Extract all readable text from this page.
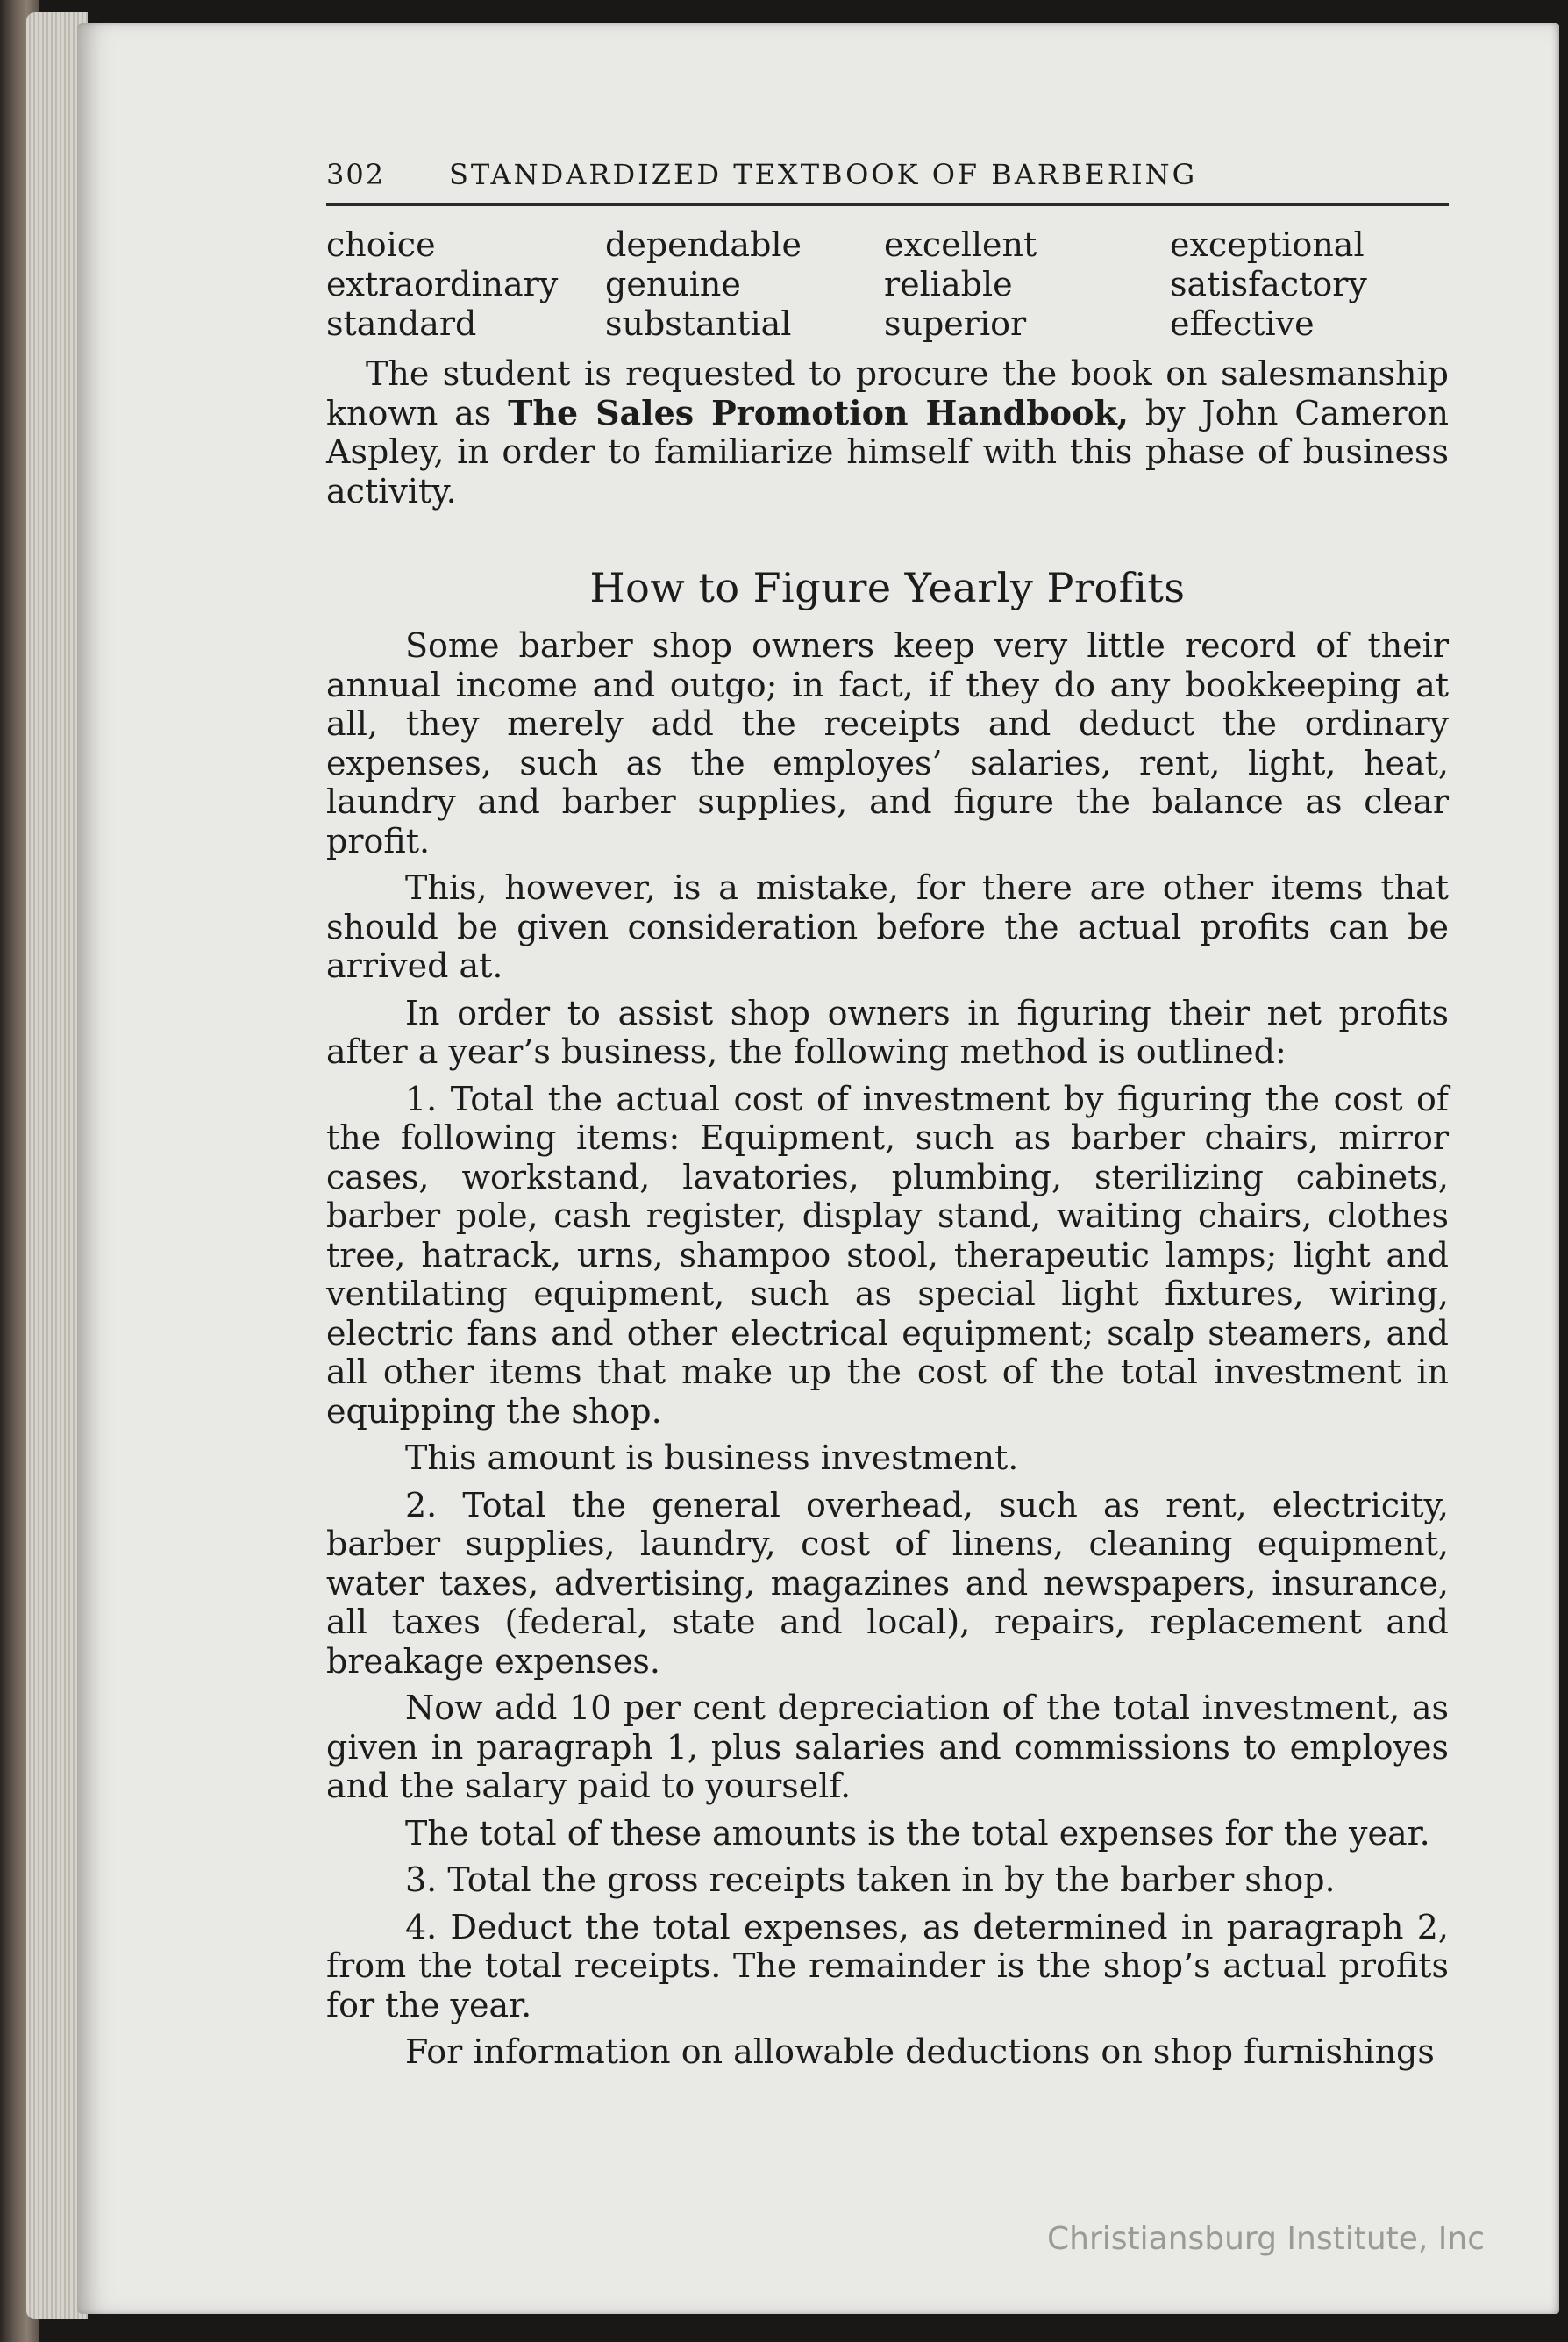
302	STANDARDIZED TEXTBOOK OF BARBERING
choice	dependable	excellent	exceptional
extraordinary	genuine	reliable	satisfactory
standard	substantial	superior	effective

The student is requested to procure the book on salesmanship known as The Sales Promotion Handbook, by John Cameron Aspley, in order to familiarize himself with this phase of business activity.

How to Figure Yearly Profits

Some barber shop owners keep very little record of their annual income and outgo; in fact, if they do any bookkeeping at all, they merely add the receipts and deduct the ordinary expenses, such as the employes’ salaries, rent, light, heat, laundry and barber supplies, and figure the balance as clear profit.

This, however, is a mistake, for there are other items that should be given consideration before the actual profits can be arrived at.

In order to assist shop owners in figuring their net profits after a year’s business, the following method is outlined:

1. Total the actual cost of investment by figuring the cost of the following items: Equipment, such as barber chairs, mirror cases, workstand, lavatories, plumbing, sterilizing cabinets, barber pole, cash register, display stand, waiting chairs, clothes tree, hatrack, urns, shampoo stool, therapeutic lamps; light and ventilating equipment, such as special light fixtures, wiring, electric fans and other electrical equipment; scalp steamers, and all other items that make up the cost of the total investment in equipping the shop.

This amount is business investment.

2. Total the general overhead, such as rent, electricity, barber supplies, laundry, cost of linens, cleaning equipment, water taxes, advertising, magazines and newspapers, insurance, all taxes (federal, state and local), repairs, replacement and breakage expenses.

Now add 10 per cent depreciation of the total investment, as given in paragraph 1, plus salaries and commissions to employes and the salary paid to yourself.

The total of these amounts is the total expenses for the year.

3. Total the gross receipts taken in by the barber shop.

4. Deduct the total expenses, as determined in paragraph 2, from the total receipts. The remainder is the shop’s actual profits for the year.

For information on allowable deductions on shop furnishings

Christiansburg Institute, Inc
